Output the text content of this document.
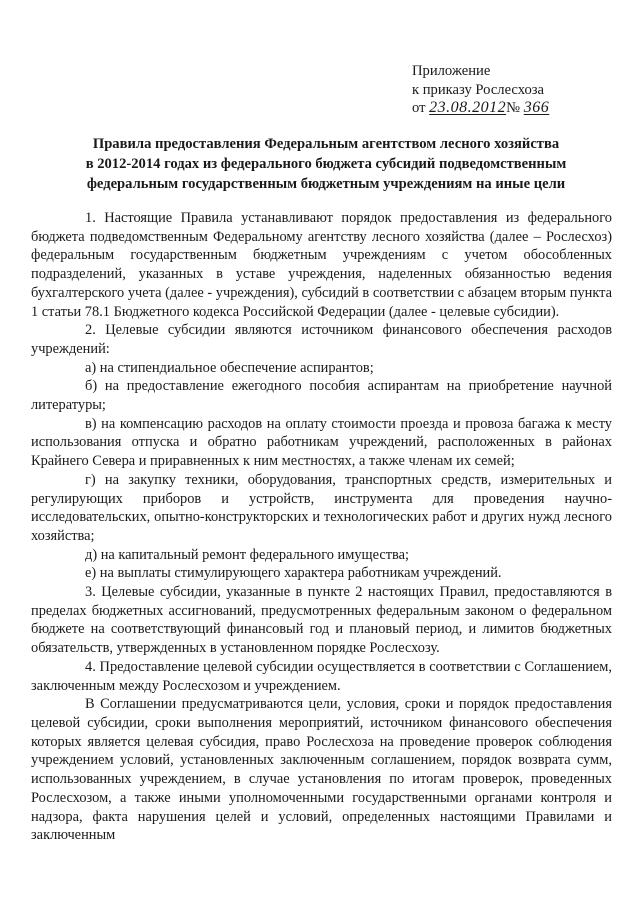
Приложение
к приказу Рослесхоза
от 23.08.2012№ 366
Правила предоставления Федеральным агентством лесного хозяйства
в 2012-2014 годах из федерального бюджета субсидий подведомственным
федеральным государственным бюджетным учреждениям на иные цели

1. Настоящие Правила устанавливают порядок предоставления из федерального бюджета подведомственным Федеральному агентству лесного хозяйства (далее – Рослесхоз) федеральным государственным бюджетным учреждениям с учетом обособленных подразделений, указанных в уставе учреждения, наделенных обязанностью ведения бухгалтерского учета (далее - учреждения), субсидий в соответствии с абзацем вторым пункта 1 статьи 78.1 Бюджетного кодекса Российской Федерации (далее - целевые субсидии).

2. Целевые субсидии являются источником финансового обеспечения расходов учреждений:

а) на стипендиальное обеспечение аспирантов;

б) на предоставление ежегодного пособия аспирантам на приобретение научной литературы;

в) на компенсацию расходов на оплату стоимости проезда и провоза багажа к месту использования отпуска и обратно работникам учреждений, расположенных в районах Крайнего Севера и приравненных к ним местностях, а также членам их семей;

г) на закупку техники, оборудования, транспортных средств, измерительных и регулирующих приборов и устройств, инструмента для проведения научно-исследовательских, опытно-конструкторских и технологических работ и других нужд лесного хозяйства;

д) на капитальный ремонт федерального имущества;

е) на выплаты стимулирующего характера работникам учреждений.

3. Целевые субсидии, указанные в пункте 2 настоящих Правил, предоставляются в пределах бюджетных ассигнований, предусмотренных федеральным законом о федеральном бюджете на соответствующий финансовый год и плановый период, и лимитов бюджетных обязательств, утвержденных в установленном порядке Рослесхозу.

4. Предоставление целевой субсидии осуществляется в соответствии с Соглашением, заключенным между Рослесхозом и учреждением.

В Соглашении предусматриваются цели, условия, сроки и порядок предоставления целевой субсидии, сроки выполнения мероприятий, источником финансового обеспечения которых является целевая субсидия, право Рослесхоза на проведение проверок соблюдения учреждением условий, установленных заключенным соглашением, порядок возврата сумм, использованных учреждением, в случае установления по итогам проверок, проведенных Рослесхозом, а также иными уполномоченными государственными органами контроля и надзора, факта нарушения целей и условий, определенных настоящими Правилами и заключенным
